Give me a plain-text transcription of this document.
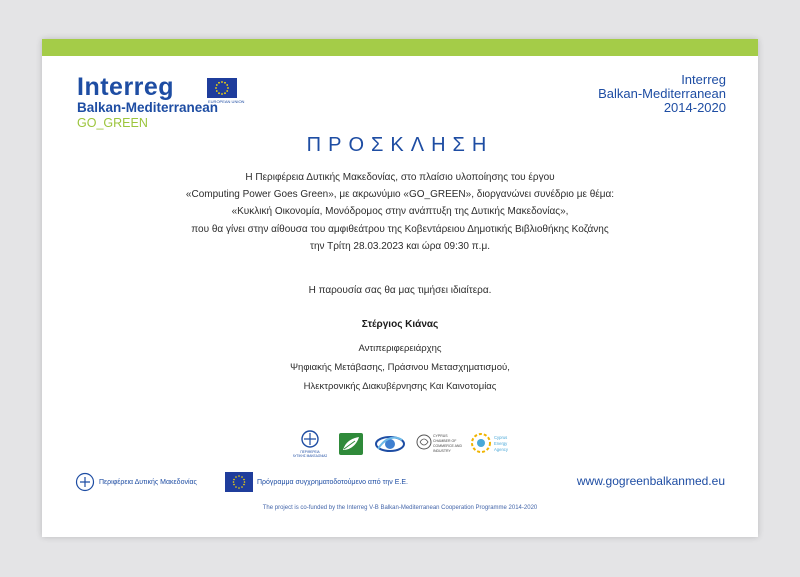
Interreg
Balkan-Mediterranean
GO_GREEN
EUROPEAN UNION
Interreg
Balkan-Mediterranean
2014-2020
ΠΡΟΣΚΛΗΣΗ
Η Περιφέρεια Δυτικής Μακεδονίας, στο πλαίσιο υλοποίησης του έργου
«Computing Power Goes Green», με ακρωνύμιο «GO_GREEN», διοργανώνει συνέδριο με θέμα:
«Κυκλική Οικονομία, Μονόδρομος στην ανάπτυξη της Δυτικής Μακεδονίας»,
που θα γίνει στην αίθουσα του αμφιθεάτρου της Κοβεντάρειου Δημοτικής Βιβλιοθήκης Κοζάνης
την Τρίτη 28.03.2023 και ώρα 09:30 π.μ.
Η παρουσία σας θα μας τιμήσει ιδιαίτερα.
Στέργιος Κιάνας
Αντιπεριφερειάρχης
Ψηφιακής Μετάβασης, Πράσινου Μετασχηματισμού,
Ηλεκτρονικής Διακυβέρνησης Και Καινοτομίας
ΠΕΡΙΦΕΡΕΙΑ
ΔΥΤΙΚΗΣ ΜΑΚΕΔΟΝΙΑΣ
CYPRUS
CHAMBER OF
COMMERCE AND
INDUSTRY
Cyprus
Energy
Agency
Περιφέρεια Δυτικής Μακεδονίας	Πρόγραμμα συγχρηματοδοτούμενο από την Ε.Ε.	www.gogreenbalkanmed.eu
The project is co-funded by the Interreg V-B Balkan-Mediterranean Cooperation Programme 2014-2020
